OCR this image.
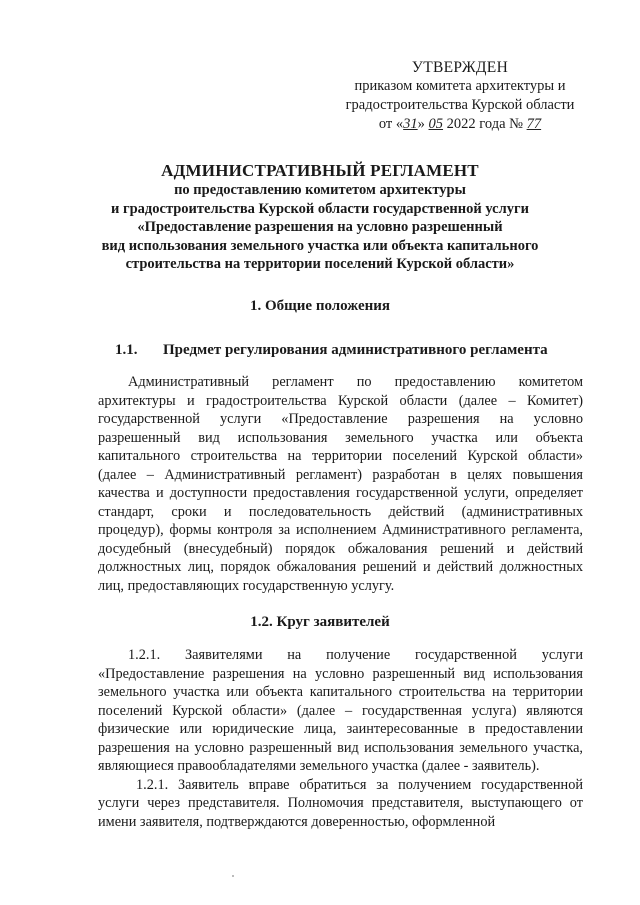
УТВЕРЖДЕН
приказом комитета архитектуры и
градостроительства Курской области
от «31» 05 2022 года № 77
АДМИНИСТРАТИВНЫЙ РЕГЛАМЕНТ
по предоставлению комитетом архитектуры
и градостроительства Курской области государственной услуги
«Предоставление разрешения на условно разрешенный
вид использования земельного участка или объекта капитального
строительства на территории поселений Курской области»
1. Общие положения
1.1. Предмет регулирования административного регламента

Административный регламент по предоставлению комитетом архитектуры и градостроительства Курской области (далее – Комитет) государственной услуги «Предоставление разрешения на условно разрешенный вид использования земельного участка или объекта капитального строительства на территории поселений Курской области» (далее – Административный регламент) разработан в целях повышения качества и доступности предоставления государственной услуги, определяет стандарт, сроки и последовательность действий (административных процедур), формы контроля за исполнением Административного регламента, досудебный (внесудебный) порядок обжалования решений и действий должностных лиц, порядок обжалования решений и действий должностных лиц, предоставляющих государственную услугу.

1.2. Круг заявителей

1.2.1. Заявителями на получение государственной услуги «Предоставление разрешения на условно разрешенный вид использования земельного участка или объекта капитального строительства на территории поселений Курской области» (далее – государственная услуга) являются физические или юридические лица, заинтересованные в предоставлении разрешения на условно разрешенный вид использования земельного участка, являющиеся правообладателями земельного участка (далее - заявитель).

1.2.1. Заявитель вправе обратиться за получением государственной услуги через представителя. Полномочия представителя, выступающего от имени заявителя, подтверждаются доверенностью, оформленной
